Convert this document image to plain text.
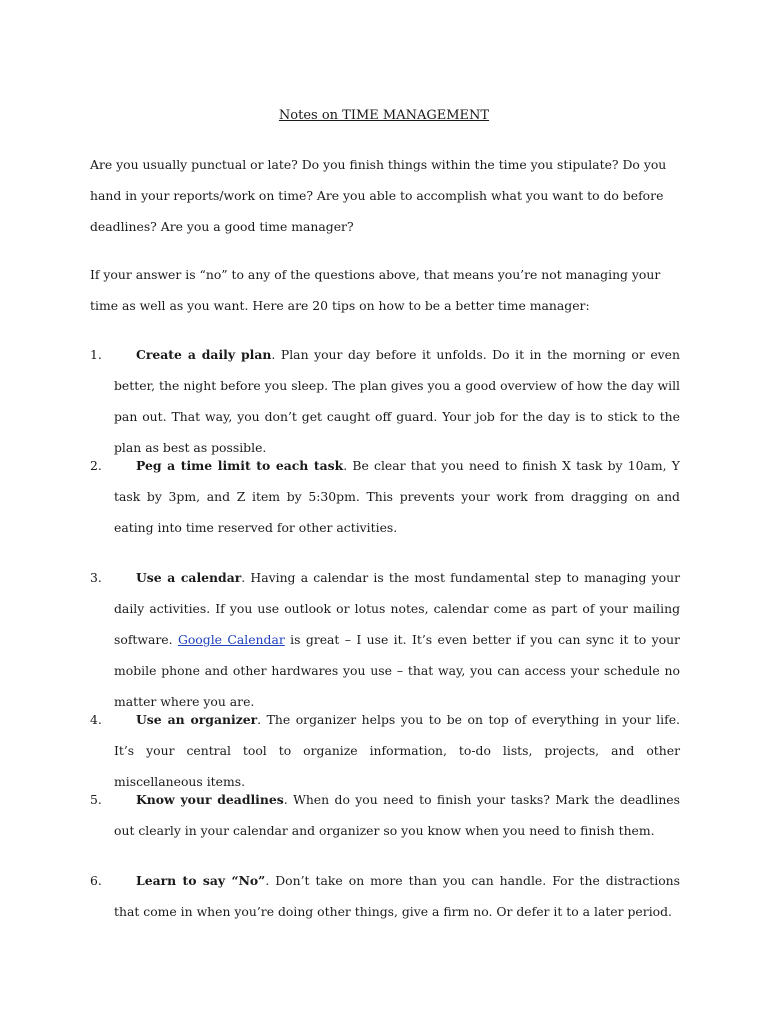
Notes on TIME MANAGEMENT

Are you usually punctual or late? Do you finish things within the time you stipulate? Do you hand in your reports/work on time? Are you able to accomplish what you want to do before deadlines? Are you a good time manager?

If your answer is “no” to any of the questions above, that means you’re not managing your time as well as you want. Here are 20 tips on how to be a better time manager:

1.	Create a daily plan. Plan your day before it unfolds. Do it in the morning or even better, the night before you sleep. The plan gives you a good overview of how the day will pan out. That way, you don’t get caught off guard. Your job for the day is to stick to the plan as best as possible.
2.	Peg a time limit to each task. Be clear that you need to finish X task by 10am, Y task by 3pm, and Z item by 5:30pm. This prevents your work from dragging on and eating into time reserved for other activities.
3.	Use a calendar. Having a calendar is the most fundamental step to managing your daily activities. If you use outlook or lotus notes, calendar come as part of your mailing software. Google Calendar is great – I use it. It’s even better if you can sync it to your mobile phone and other hardwares you use – that way, you can access your schedule no matter where you are.
4.	Use an organizer. The organizer helps you to be on top of everything in your life. It’s your central tool to organize information, to-do lists, projects, and other miscellaneous items.
5.	Know your deadlines. When do you need to finish your tasks? Mark the deadlines out clearly in your calendar and organizer so you know when you need to finish them.
6.	Learn to say “No”. Don’t take on more than you can handle. For the distractions that come in when you’re doing other things, give a firm no. Or defer it to a later period.
